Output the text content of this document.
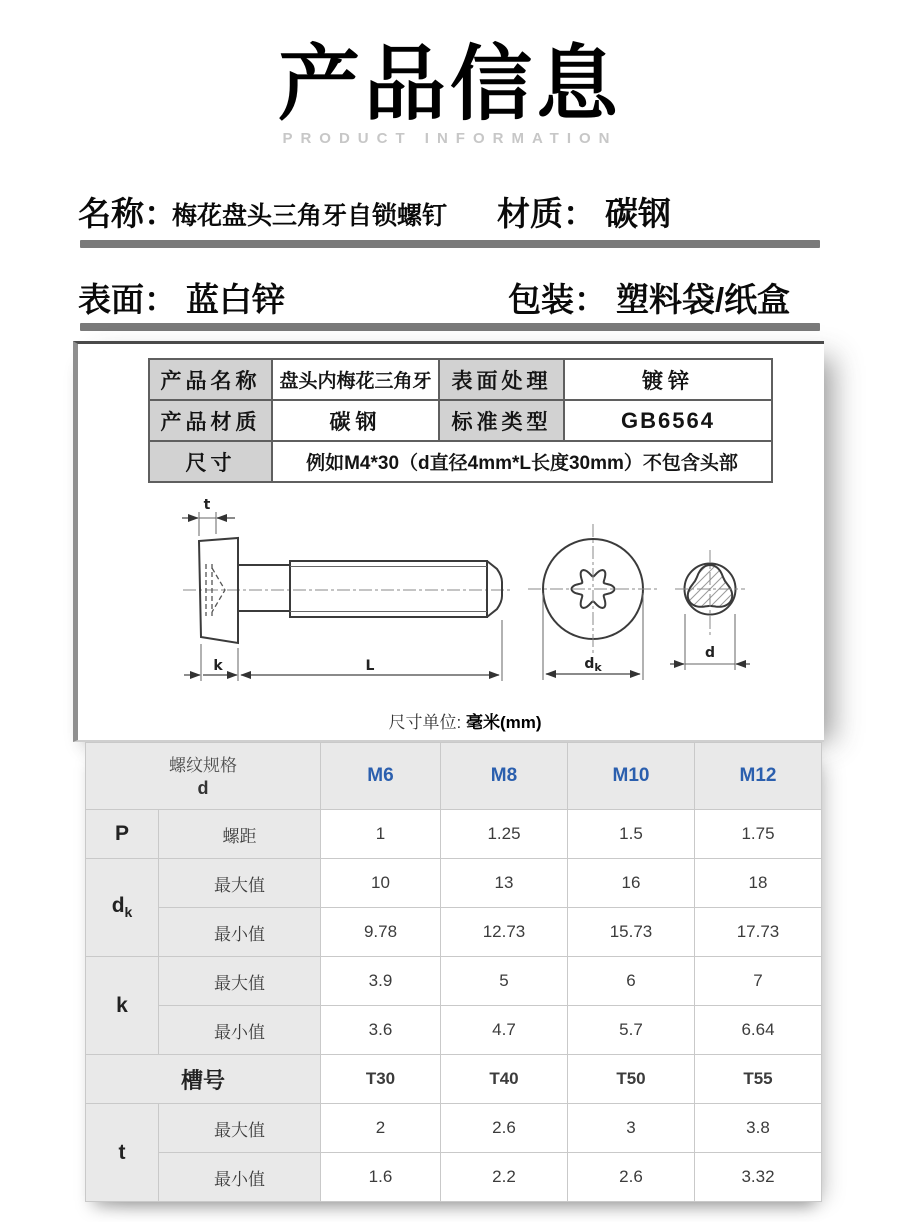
产品信息
PRODUCT INFORMATION
名称：
梅花盘头三角牙自锁螺钉 材质： 碳钢
表面： 蓝白锌	包装： 塑料袋/纸盒
产品名称	盘头内梅花三角牙	表面处理	镀锌
产品材质	碳钢	标准类型	GB6564
尺寸	例如M4*30（d直径4mm*L长度30mm）不包含头部		
t
k	L	$d_k$
d
尺寸单位: 毫米(mm)
螺纹规格
d		M6	M8	M10	M12
P	螺距	1	1.25	1.5	1.75
$d_k$	最大值	10	13	16	18
	最小值	9.78	12.73	15.73	17.73
k	最大值	3.9	5	6	7
	最小值	3.6	4.7	5.7	6.64
槽号		T30	T40	T50	T55
t	最大值	2	2.6	3	3.8
	最小值	1.6	2.2	2.6	3.32
